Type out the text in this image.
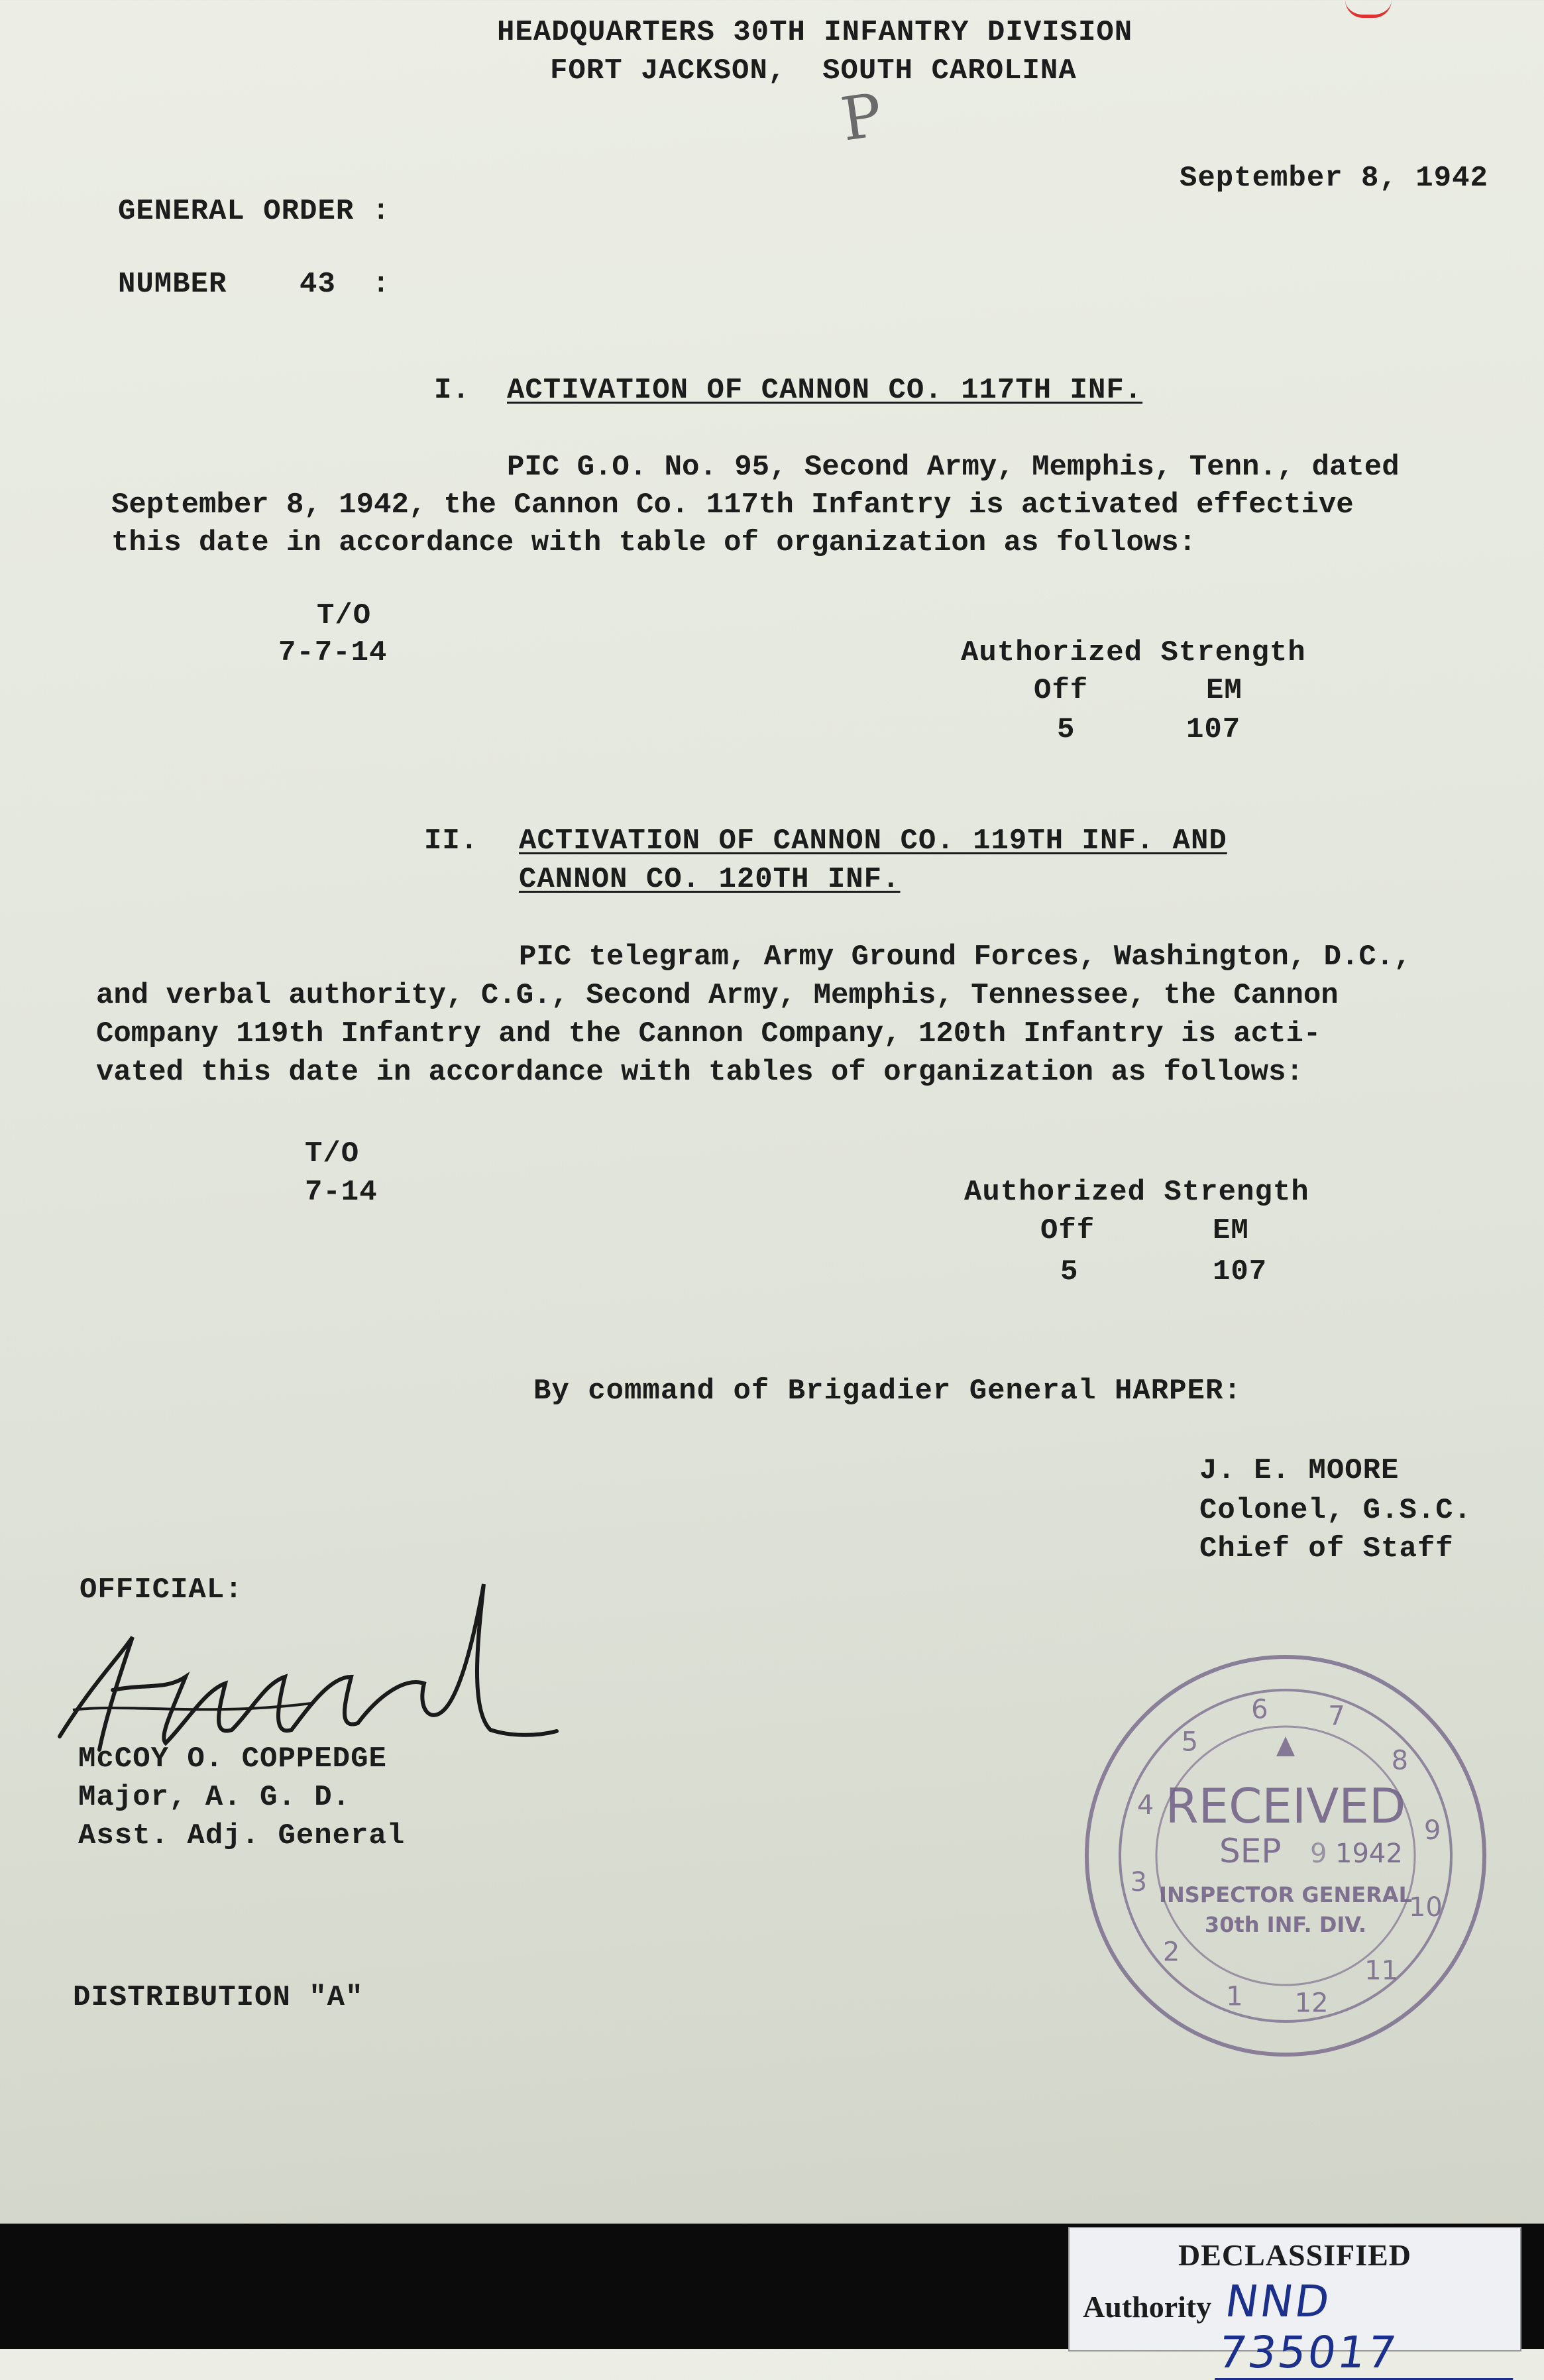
HEADQUARTERS 30TH INFANTRY DIVISION
FORT JACKSON,  SOUTH CAROLINA
P
September 8, 1942
GENERAL ORDER :
NUMBER    43  :
I. ACTIVATION OF CANNON CO. 117TH INF.
PIC G.O. No. 95, Second Army, Memphis, Tenn., dated
September 8, 1942, the Cannon Co. 117th Infantry is activated effective
this date in accordance with table of organization as follows:
T/O
7-7-14	Authorized Strength
Off	EM
5	107
II. ACTIVATION OF CANNON CO. 119TH INF. AND
CANNON CO. 120TH INF.
PIC telegram, Army Ground Forces, Washington, D.C.,
and verbal authority, C.G., Second Army, Memphis, Tennessee, the Cannon
Company 119th Infantry and the Cannon Company, 120th Infantry is acti-
vated this date in accordance with tables of organization as follows:
T/O
7-14	Authorized Strength
Off	EM
5	107
By command of Brigadier General HARPER:
J. E. MOORE
Colonel, G.S.C.
Chief of Staff
OFFICIAL:
McCOY O. COPPEDGE
Major, A. G. D.
Asst. Adj. General
DISTRIBUTION "A"
7
8
9
10
11
12
1
2
3
4
5
6
RECEIVED
SEP 9 1942
INSPECTOR GENERAL
30th INF. DIV.
DECLASSIFIED
Authority NND 735017
